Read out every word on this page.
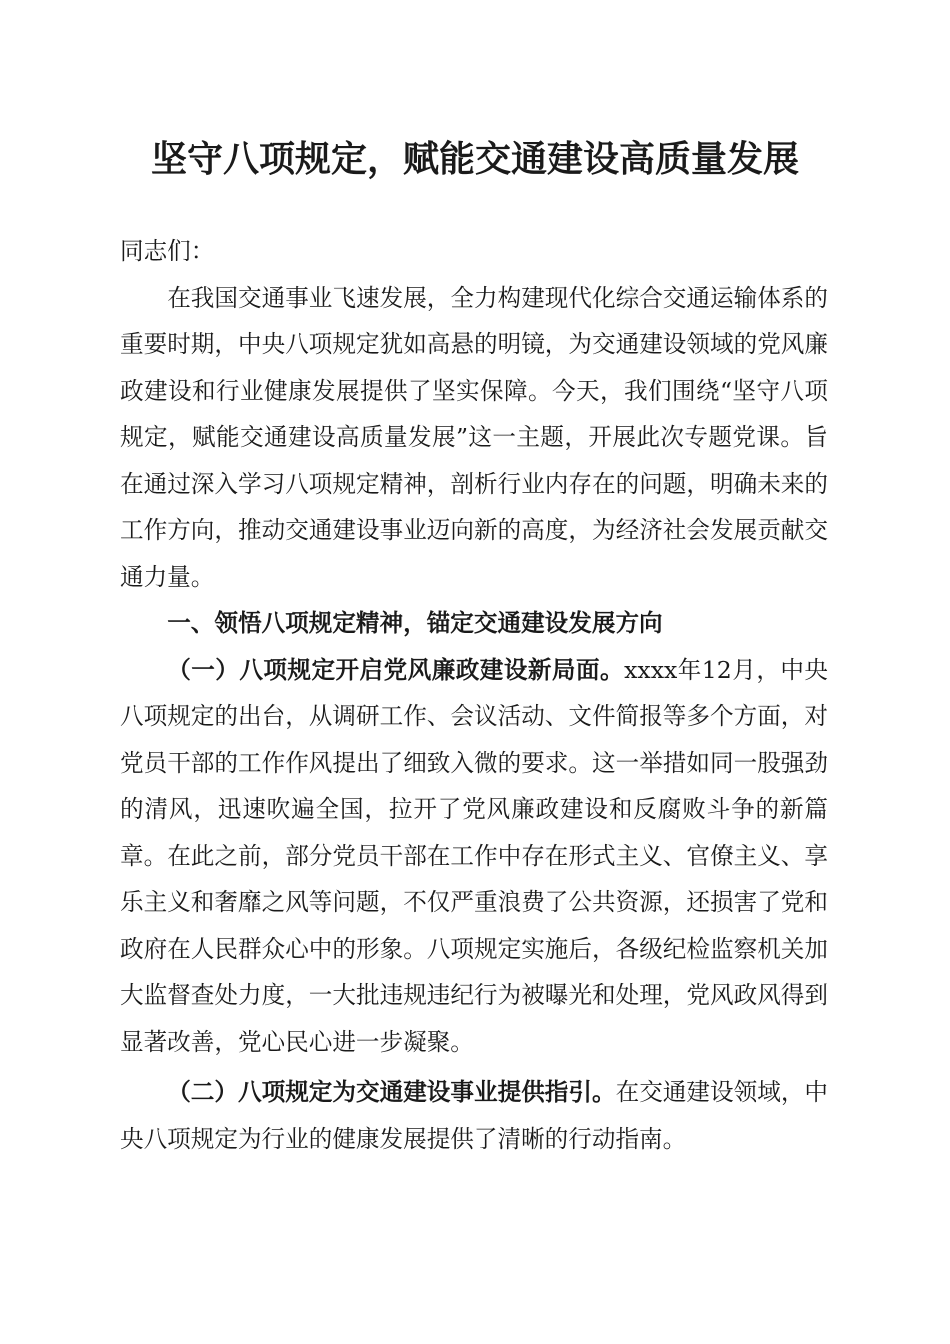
坚守八项规定，赋能交通建设高质量发展

同志们：

在我国交通事业飞速发展，全力构建现代化综合交通运输体系的重要时期，中央八项规定犹如高悬的明镜，为交通建设领域的党风廉政建设和行业健康发展提供了坚实保障。今天，我们围绕“坚守八项规定，赋能交通建设高质量发展”这一主题，开展此次专题党课。旨在通过深入学习八项规定精神，剖析行业内存在的问题，明确未来的工作方向，推动交通建设事业迈向新的高度，为经济社会发展贡献交通力量。

一、领悟八项规定精神，锚定交通建设发展方向

（一）八项规定开启党风廉政建设新局面。xxxx年12月，中央八项规定的出台，从调研工作、会议活动、文件简报等多个方面，对党员干部的工作作风提出了细致入微的要求。这一举措如同一股强劲的清风，迅速吹遍全国，拉开了党风廉政建设和反腐败斗争的新篇章。在此之前，部分党员干部在工作中存在形式主义、官僚主义、享乐主义和奢靡之风等问题，不仅严重浪费了公共资源，还损害了党和政府在人民群众心中的形象。八项规定实施后，各级纪检监察机关加大监督查处力度，一大批违规违纪行为被曝光和处理，党风政风得到显著改善，党心民心进一步凝聚。

（二）八项规定为交通建设事业提供指引。在交通建设领域，中央八项规定为行业的健康发展提供了清晰的行动指南。
